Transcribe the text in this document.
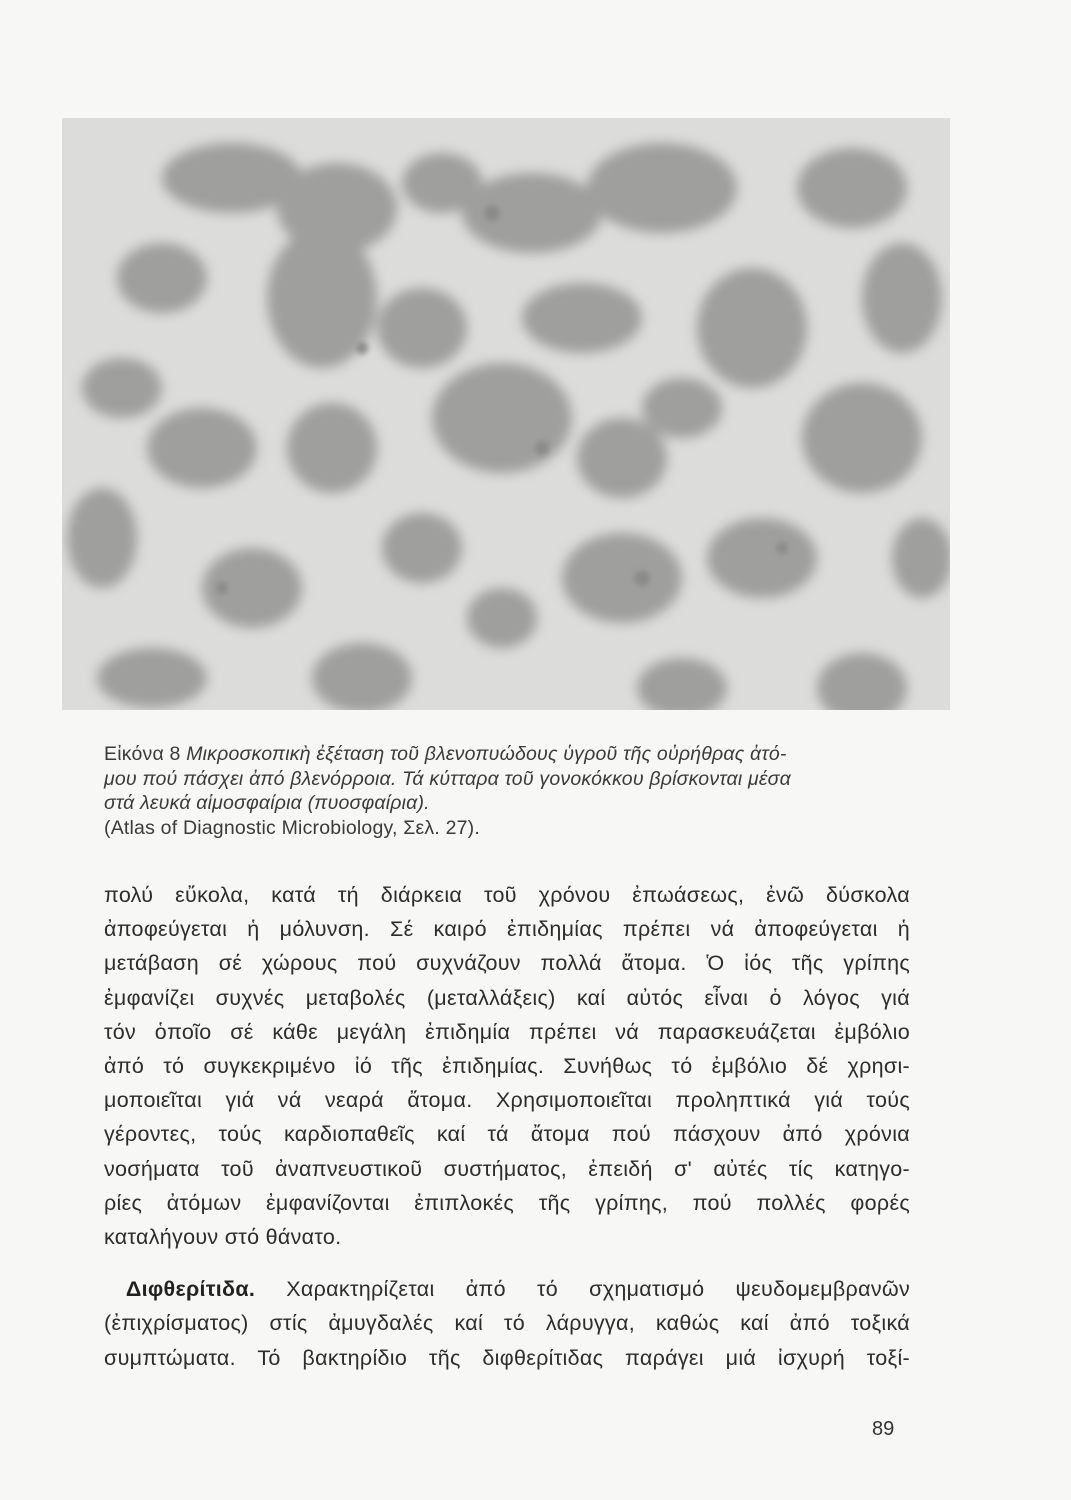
Εἰκόνα 8 Μικροσκοπικὴ ἐξέταση τοῦ βλενοπυώδους ὑγροῦ τῆς οὐρήθρας ἀτό-

μου πού πάσχει ἀπό βλενόρροια. Τά κύτταρα τοῦ γονοκόκκου βρίσκονται μέσα

στά λευκά αἱμοσφαίρια (πυοσφαίρια).

(Atlas of Diagnostic Microbiology, Σελ. 27).

πολύ εὔκολα, κατά τή διάρκεια τοῦ χρόνου ἐπωάσεως, ἐνῶ δύσκολα
ἀποφεύγεται ἡ μόλυνση. Σέ καιρό ἐπιδημίας πρέπει νά ἀποφεύγεται ἡ
μετάβαση σέ χώρους πού συχνάζουν πολλά ἄτομα. Ὁ ἰός τῆς γρίπης
ἐμφανίζει συχνές μεταβολές (μεταλλάξεις) καί αὐτός εἶναι ὁ λόγος γιά
τόν ὁποῖο σέ κάθε μεγάλη ἐπιδημία πρέπει νά παρασκευάζεται ἐμβόλιο
ἀπό τό συγκεκριμένο ἰό τῆς ἐπιδημίας. Συνήθως τό ἐμβόλιο δέ χρησι-
μοποιεῖται γιά νά νεαρά ἄτομα. Χρησιμοποιεῖται προληπτικά γιά τούς
γέροντες, τούς καρδιοπαθεῖς καί τά ἄτομα πού πάσχουν ἀπό χρόνια
νοσήματα τοῦ ἀναπνευστικοῦ συστήματος, ἐπειδή σ' αὐτές τίς κατηγο-
ρίες ἀτόμων ἐμφανίζονται ἐπιπλοκές τῆς γρίπης, πού πολλές φορές
καταλήγουν στό θάνατο.

 Διφθερίτιδα. Χαρακτηρίζεται ἀπό τό σχηματισμό ψευδομεμβρανῶν
(ἐπιχρίσματος) στίς ἀμυγδαλές καί τό λάρυγγα, καθώς καί ἀπό τοξικά
συμπτώματα. Τό βακτηρίδιο τῆς διφθερίτιδας παράγει μιά ἰσχυρή τοξί-

89
